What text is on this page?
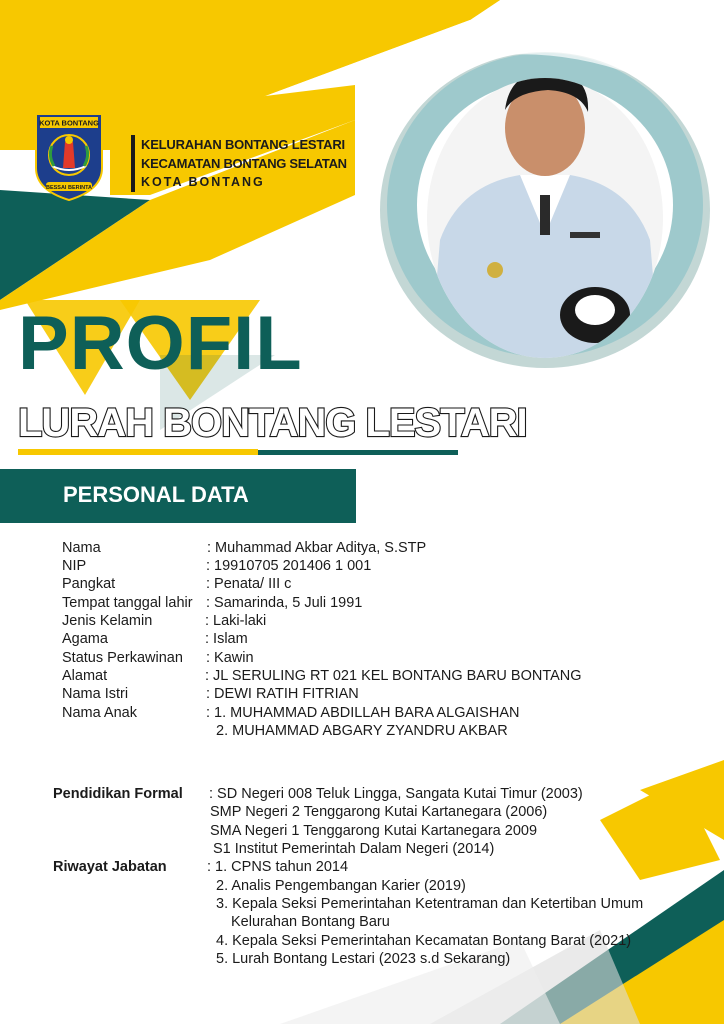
KOTA BONTANG
BESSAI BERINTA
KELURAHAN BONTANG LESTARI
KECAMATAN BONTANG SELATAN
KOTA BONTANG
PROFIL
LURAH BONTANG LESTARI
PERSONAL DATA
Nama	: Muhammad Akbar Aditya, S.STP
NIP	: 19910705 201406 1 001
Pangkat	: Penata/ III c
Tempat tanggal lahir : Samarinda, 5 Juli 1991
Jenis Kelamin	: Laki-laki
Agama	: Islam
Status Perkawinan : Kawin
Alamat	: JL SERULING RT 021 KEL BONTANG BARU BONTANG
Nama Istri	: DEWI RATIH FITRIAN
Nama Anak	: 1. MUHAMMAD ABDILLAH BARA ALGAISHAN
2. MUHAMMAD ABGARY ZYANDRU AKBAR
Pendidikan Formal : SD Negeri 008 Teluk Lingga, Sangata Kutai Timur (2003)
SMP Negeri 2 Tenggarong Kutai Kartanegara (2006)
SMA Negeri 1 Tenggarong Kutai Kartanegara 2009
S1 Institut Pemerintah Dalam Negeri (2014)
Riwayat Jabatan	: 1. CPNS tahun 2014
2. Analis Pengembangan Karier (2019)
3. Kepala Seksi Pemerintahan Ketentraman dan Ketertiban Umum
Kelurahan Bontang Baru
4. Kepala Seksi Pemerintahan Kecamatan Bontang Barat (2021)
5. Lurah Bontang Lestari (2023 s.d Sekarang)
